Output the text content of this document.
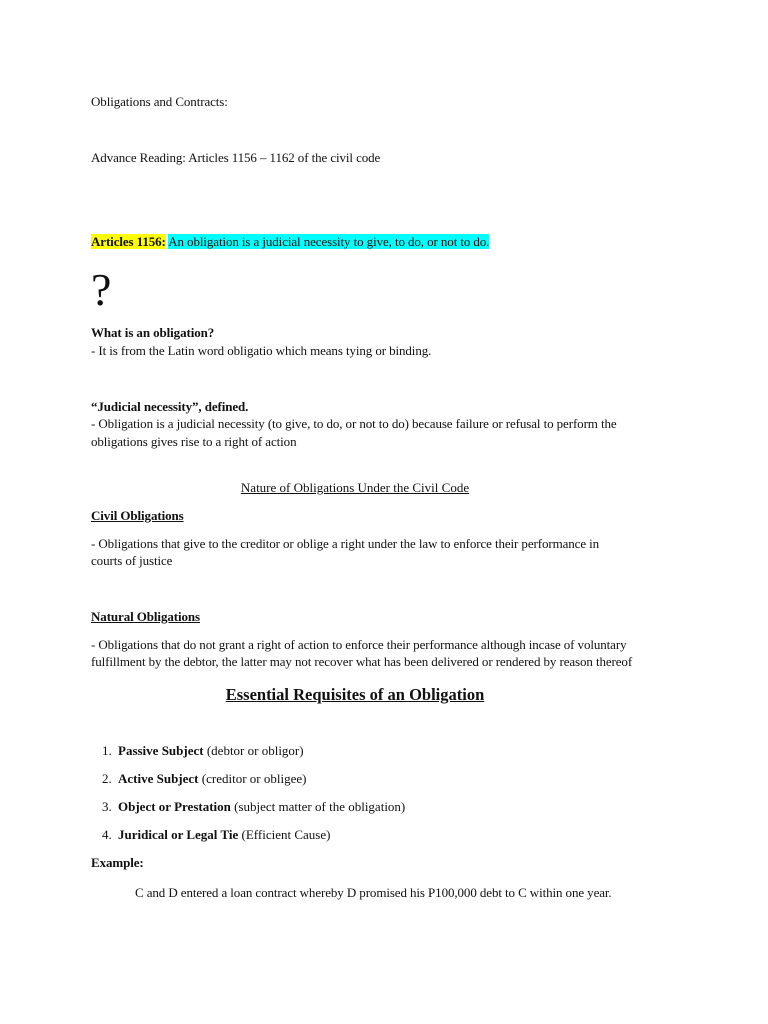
Obligations and Contracts:
Advance Reading: Articles 1156 – 1162 of the civil code
Articles 1156: An obligation is a judicial necessity to give, to do, or not to do.
?
What is an obligation?
- It is from the Latin word obligatio which means tying or binding.
“Judicial necessity”, defined.
- Obligation is a judicial necessity (to give, to do, or not to do) because failure or refusal to perform the
obligations gives rise to a right of action
Nature of Obligations Under the Civil Code
Civil Obligations
- Obligations that give to the creditor or oblige a right under the law to enforce their performance in
courts of justice
Natural Obligations
- Obligations that do not grant a right of action to enforce their performance although incase of voluntary
fulfillment by the debtor, the latter may not recover what has been delivered or rendered by reason thereof
Essential Requisites of an Obligation
1. Passive Subject (debtor or obligor)
2. Active Subject (creditor or obligee)
3. Object or Prestation (subject matter of the obligation)
4. Juridical or Legal Tie (Efficient Cause)
Example:
C and D entered a loan contract whereby D promised his P100,000 debt to C within one year.
